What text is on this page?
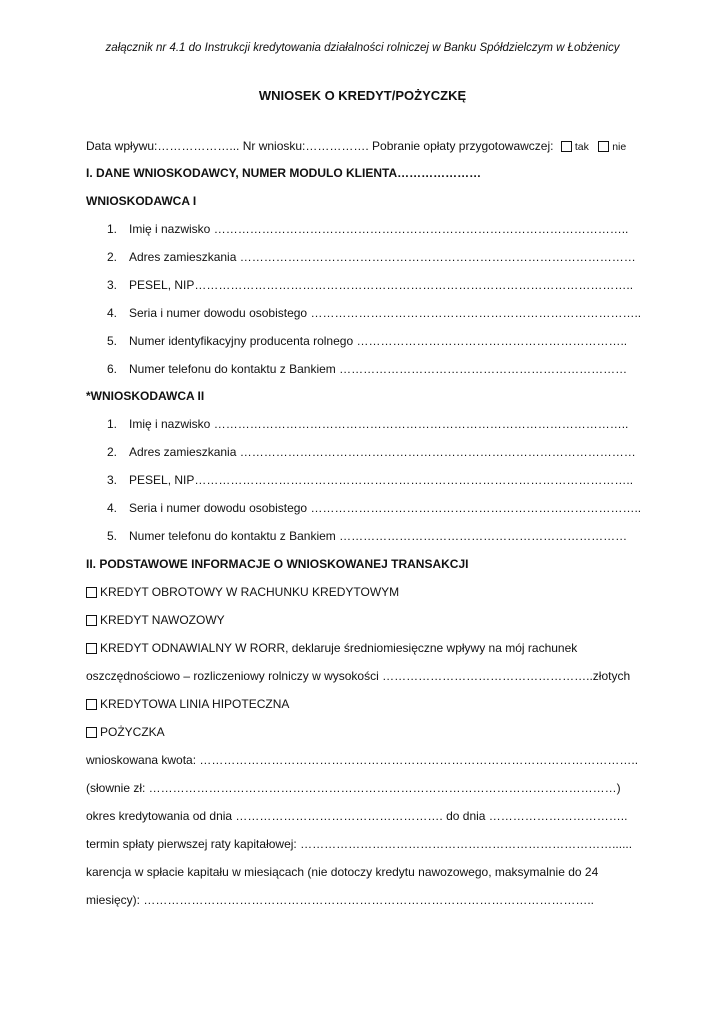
załącznik nr 4.1 do Instrukcji kredytowania działalności rolniczej w Banku Spółdzielczym w Łobżenicy
WNIOSEK O KREDYT/POŻYCZKĘ
Data wpływu:………………... Nr wniosku:……………. Pobranie opłaty przygotowawczej: tak nie
I. DANE WNIOSKODAWCY, NUMER MODULO KLIENTA…………………
WNIOSKODAWCA I
1. Imię i nazwisko …………………………………………………………………………………………..
2. Adres zamieszkania ………………………………………………………………………………………
3. PESEL, NIP………………………………………………………………………………………………..
4. Seria i numer dowodu osobistego ………………………………………………………………………..
5. Numer identyfikacyjny producenta rolnego …………………………………………………………..
6. Numer telefonu do kontaktu z Bankiem ………………………………………………………………
*WNIOSKODAWCA II
1. Imię i nazwisko …………………………………………………………………………………………..
2. Adres zamieszkania ………………………………………………………………………………………
3. PESEL, NIP………………………………………………………………………………………………..
4. Seria i numer dowodu osobistego ………………………………………………………………………..
5. Numer telefonu do kontaktu z Bankiem ………………………………………………………………
II. PODSTAWOWE INFORMACJE O WNIOSKOWANEJ TRANSAKCJI
KREDYT OBROTOWY W RACHUNKU KREDYTOWYM
KREDYT NAWOZOWY
KREDYT ODNAWIALNY W RORR, deklaruje średniomiesięczne wpływy na mój rachunek
oszczędnościowo – rozliczeniowy rolniczy w wysokości ……………………………………………..złotych
KREDYTOWA LINIA HIPOTECZNA
POŻYCZKA
wnioskowana kwota: ………………………………………………………………………………………………..
(słownie zł: ………………………………………………………………………………………………………)
okres kredytowania od dnia ……………………………………………. do dnia ……………………………..
termin spłaty pierwszej raty kapitałowej: ……………………………………………………………………......
karencja w spłacie kapitału w miesiącach (nie dotoczy kredytu nawozowego, maksymalnie do 24
miesięcy): …………………………………………………………………………………………………..
